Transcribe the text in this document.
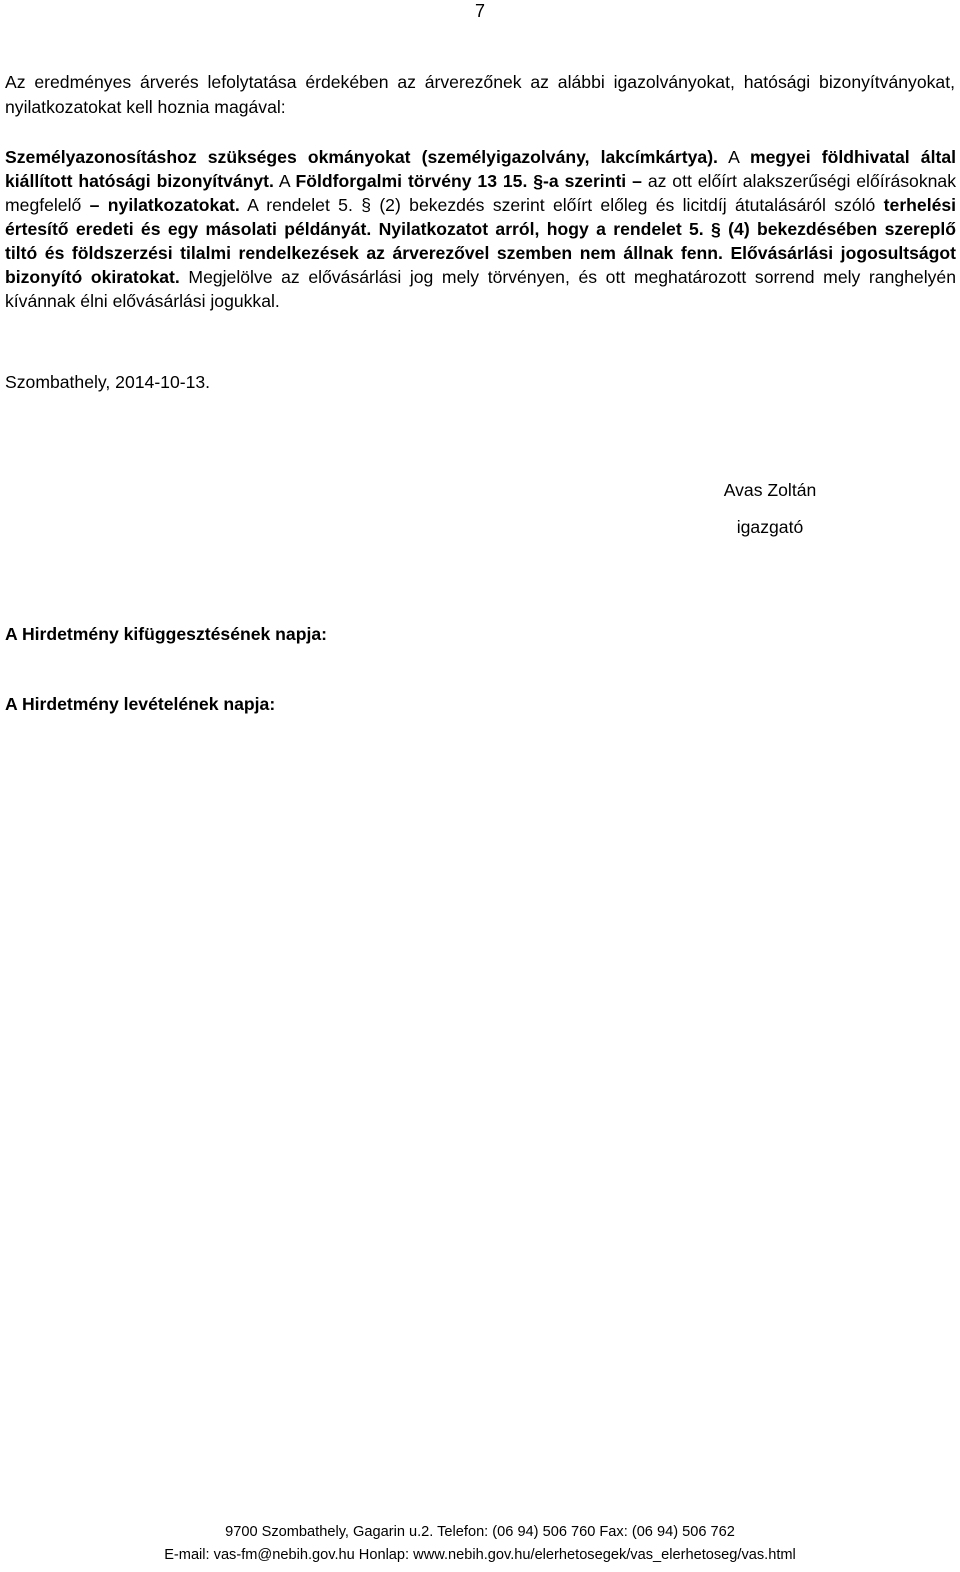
7

Az eredményes árverés lefolytatása érdekében az árverezőnek az alábbi igazolványokat, hatósági bizonyítványokat, nyilatkozatokat kell hoznia magával:

Személyazonosításhoz szükséges okmányokat (személyigazolvány, lakcímkártya). A megyei földhivatal által kiállított hatósági bizonyítványt. A Földforgalmi törvény 13 15. §-a szerinti – az ott előírt alakszerűségi előírásoknak megfelelő – nyilatkozatokat. A rendelet 5. § (2) bekezdés szerint előírt előleg és licitdíj átutalásáról szóló terhelési értesítő eredeti és egy másolati példányát. Nyilatkozatot arról, hogy a rendelet 5. § (4) bekezdésében szereplő tiltó és földszerzési tilalmi rendelkezések az árverezővel szemben nem állnak fenn. Elővásárlási jogosultságot bizonyító okiratokat. Megjelölve az elővásárlási jog mely törvényen, és ott meghatározott sorrend mely ranghelyén kívánnak élni elővásárlási jogukkal.

Szombathely, 2014-10-13.
Avas Zoltán
igazgató
A Hirdetmény kifüggesztésének napja:
A Hirdetmény levételének napja:
9700 Szombathely, Gagarin u.2. Telefon: (06 94) 506 760 Fax: (06 94) 506 762
E-mail: vas-fm@nebih.gov.hu Honlap: www.nebih.gov.hu/elerhetosegek/vas_elerhetoseg/vas.html
